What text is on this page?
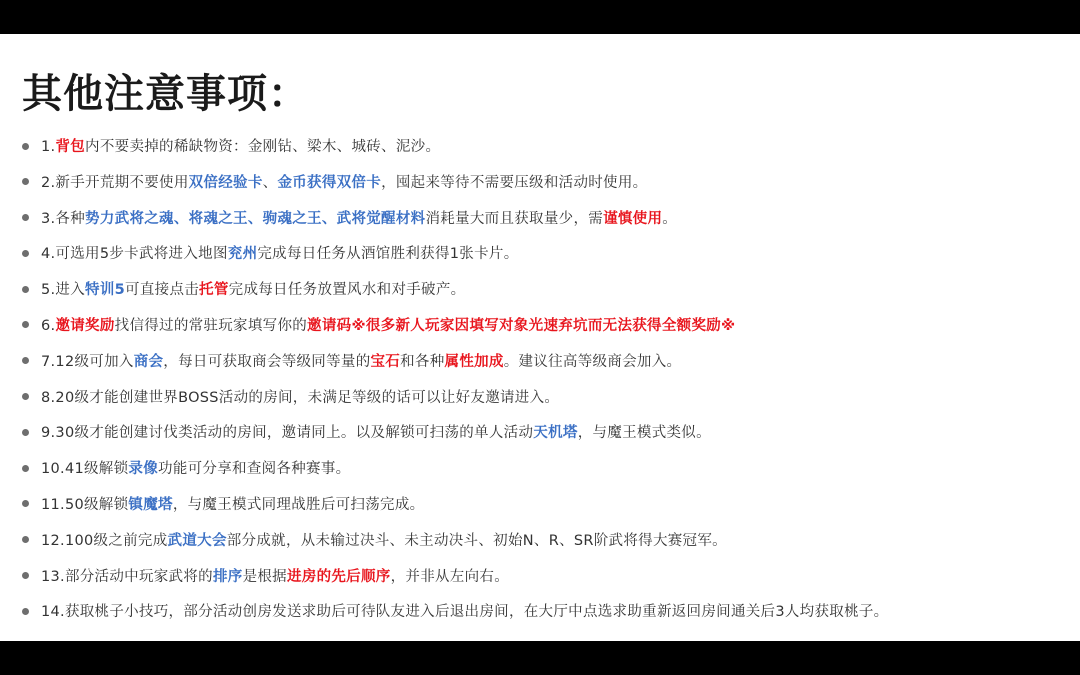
其他注意事项：
1.背包内不要卖掉的稀缺物资：金刚钻、梁木、城砖、泥沙。
2.新手开荒期不要使用双倍经验卡、金币获得双倍卡，囤起来等待不需要压级和活动时使用。
3.各种势力武将之魂、将魂之王、驹魂之王、武将觉醒材料消耗量大而且获取量少，需谨慎使用。
4.可选用5步卡武将进入地图兖州完成每日任务从酒馆胜利获得1张卡片。
5.进入特训5可直接点击托管完成每日任务放置风水和对手破产。
6.邀请奖励找信得过的常驻玩家填写你的邀请码※很多新人玩家因填写对象光速弃坑而无法获得全额奖励※
7.12级可加入商会，每日可获取商会等级同等量的宝石和各种属性加成。建议往高等级商会加入。
8.20级才能创建世界BOSS活动的房间，未满足等级的话可以让好友邀请进入。
9.30级才能创建讨伐类活动的房间，邀请同上。以及解锁可扫荡的单人活动天机塔，与魔王模式类似。
10.41级解锁录像功能可分享和查阅各种赛事。
11.50级解锁镇魔塔，与魔王模式同理战胜后可扫荡完成。
12.100级之前完成武道大会部分成就，从未输过决斗、未主动决斗、初始N、R、SR阶武将得大赛冠军。
13.部分活动中玩家武将的排序是根据进房的先后顺序，并非从左向右。
14.获取桃子小技巧，部分活动创房发送求助后可待队友进入后退出房间，在大厅中点选求助重新返回房间通关后3人均获取桃子。
